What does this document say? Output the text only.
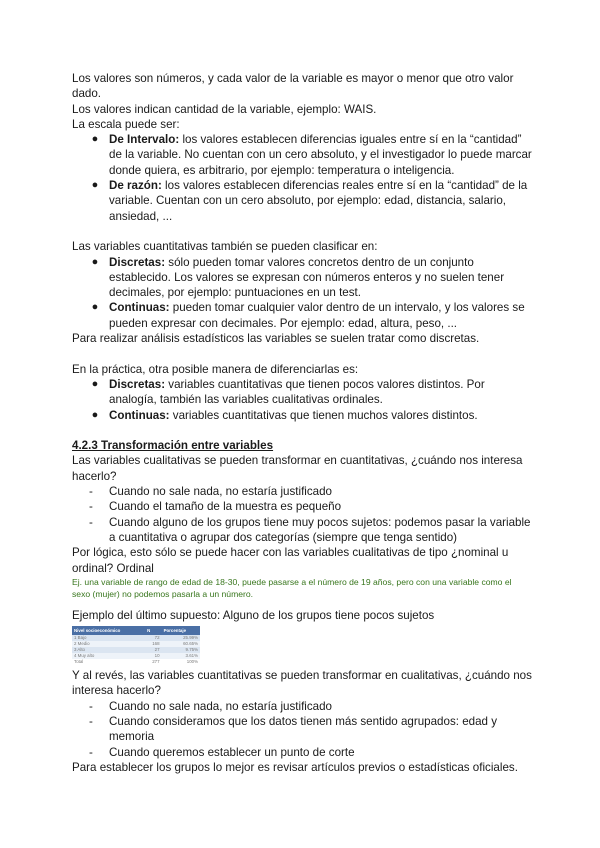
Los valores son números, y cada valor de la variable es mayor o menor que otro valor dado.

Los valores indican cantidad de la variable, ejemplo: WAIS.

La escala puede ser:

● De Intervalo: los valores establecen diferencias iguales entre sí en la “cantidad” de la variable. No cuentan con un cero absoluto, y el investigador lo puede marcar donde quiera, es arbitrario, por ejemplo: temperatura o inteligencia.
● De razón: los valores establecen diferencias reales entre sí en la “cantidad” de la variable. Cuentan con un cero absoluto, por ejemplo: edad, distancia, salario, ansiedad, ...

Las variables cuantitativas también se pueden clasificar en:

● Discretas: sólo pueden tomar valores concretos dentro de un conjunto establecido. Los valores se expresan con números enteros y no suelen tener decimales, por ejemplo: puntuaciones en un test.
● Continuas: pueden tomar cualquier valor dentro de un intervalo, y los valores se pueden expresar con decimales. Por ejemplo: edad, altura, peso, ...

Para realizar análisis estadísticos las variables se suelen tratar como discretas.

En la práctica, otra posible manera de diferenciarlas es:

● Discretas: variables cuantitativas que tienen pocos valores distintos. Por analogía, también las variables cualitativas ordinales.
● Continuas: variables cuantitativas que tienen muchos valores distintos.

4.2.3 Transformación entre variables

Las variables cualitativas se pueden transformar en cuantitativas, ¿cuándo nos interesa hacerlo?

- Cuando no sale nada, no estaría justificado
- Cuando el tamaño de la muestra es pequeño
- Cuando alguno de los grupos tiene muy pocos sujetos: podemos pasar la variable a cuantitativa o agrupar dos categorías (siempre que tenga sentido)

Por lógica, esto sólo se puede hacer con las variables cualitativas de tipo ¿nominal u ordinal? Ordinal

Ej. una variable de rango de edad de 18-30, puede pasarse a el número de 19 años, pero con una variable como el sexo (mujer) no podemos pasarla a un número.

Ejemplo del último supuesto: Alguno de los grupos tiene pocos sujetos

Nivel socioeconómico	N	Porcentaje
1 Bajo	72	25.99%
2 Medio	168	60.65%
3 Alto	27	9.75%
4 Muy alto	10	3.61%
Total	277	100%

Y al revés, las variables cuantitativas se pueden transformar en cualitativas, ¿cuándo nos interesa hacerlo?

- Cuando no sale nada, no estaría justificado
- Cuando consideramos que los datos tienen más sentido agrupados: edad y memoria
- Cuando queremos establecer un punto de corte

Para establecer los grupos lo mejor es revisar artículos previos o estadísticas oficiales.
